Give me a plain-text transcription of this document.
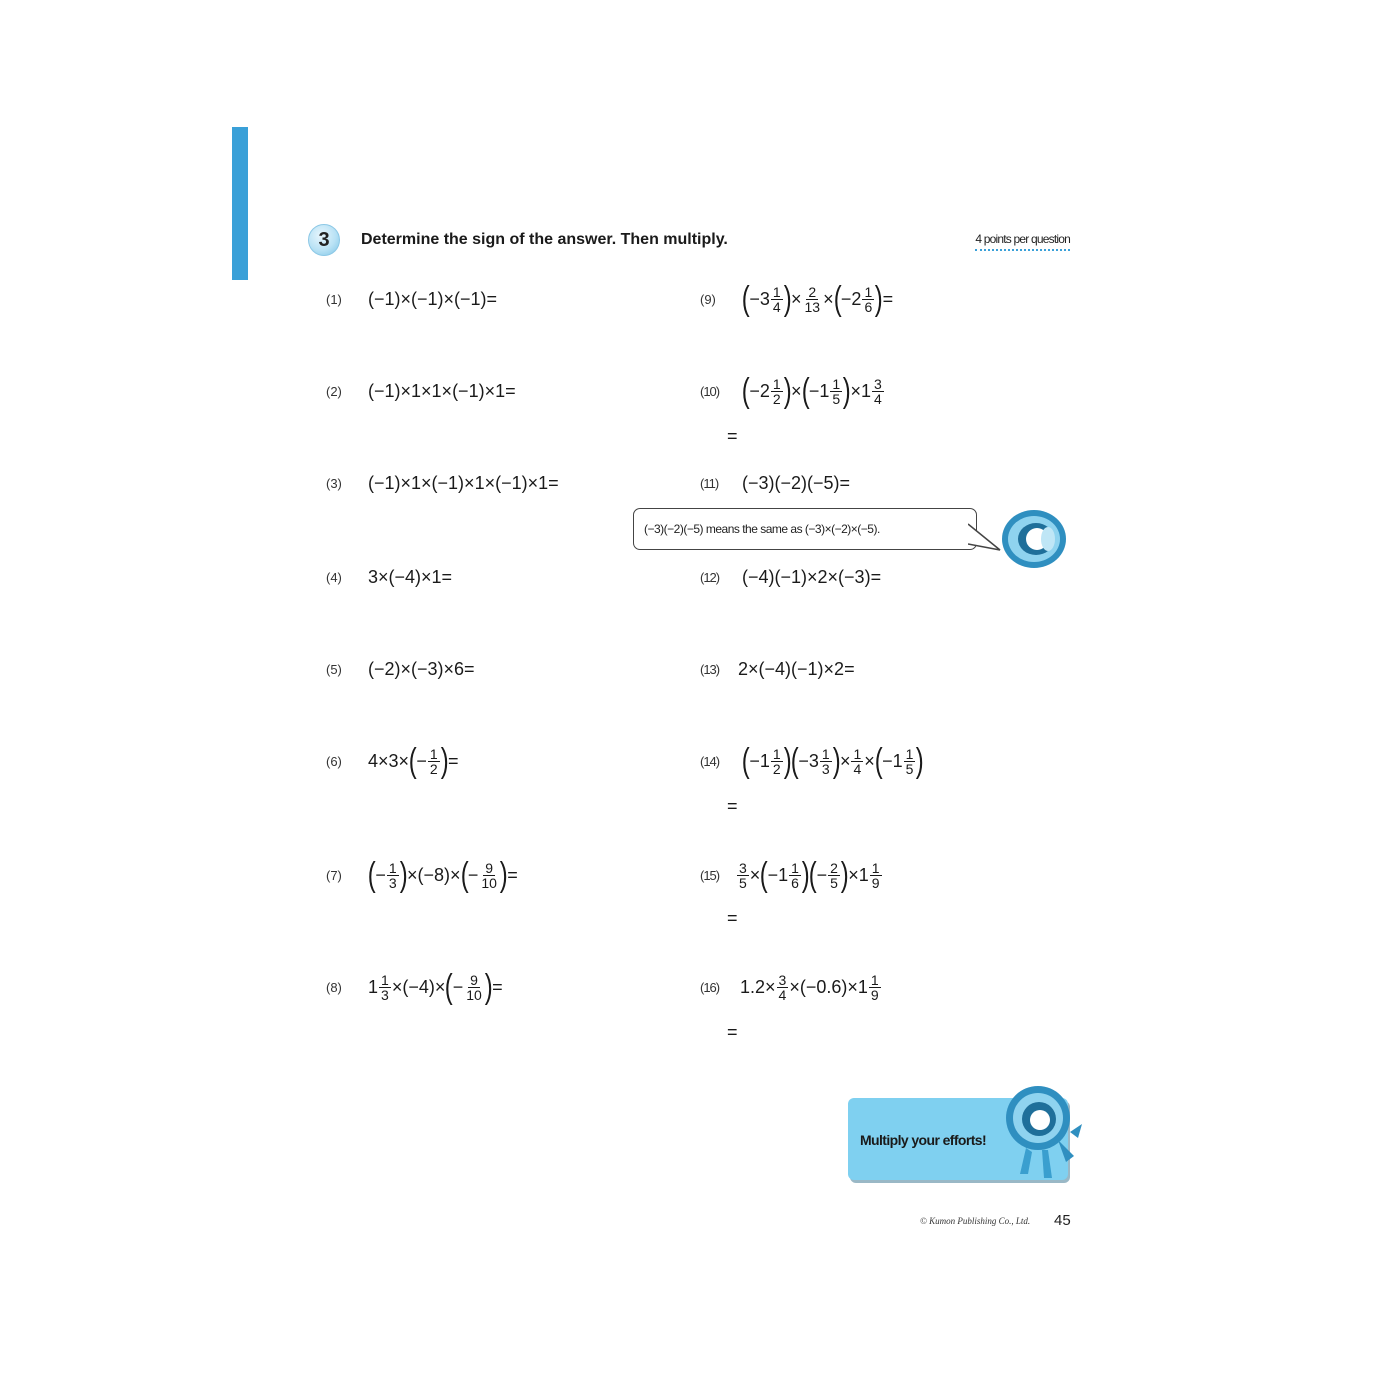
3	Determine the sign of the answer. Then multiply.	4 points per question
(1)	(−1)×(−1)×(−1)=
(2)	(−1)×1×1×(−1)×1=
(3)	(−1)×1×(−1)×1×(−1)×1=
(4)	3×(−4)×1=
(5)	(−2)×(−3)×6=
(6)	4×3× ( − $\frac{1}{2}$ ) =
(7) ( − $\frac{1}{3}$ ) ×(−8)× ( − $\frac{9}{10}$ ) =
(8)	$1 \frac{1}{3} \times(-4)\times$ ( − $\frac{9}{10}$ ) =
(9) ( $-3 \frac{1}{4}$ ) × $\frac{2}{13}$ × ( $-2 \frac{1}{6}$ ) =
(10) ( $-2 \frac{1}{2}$ ) × ( $-1 \frac{1}{5}$ ) $\times 1 \frac{3}{4}$
=
(11)	(−3)(−2)(−5)=
(−3)(−2)(−5) means the same as (−3)×(−2)×(−5).
(12)	(−4)(−1)×2×(−3)=
(13)	2×(−4)(−1)×2=
(14) ( $-1 \frac{1}{2}$ ) ( $-3 \frac{1}{3}$ ) × $\frac{1}{4}$ × ( $-1 \frac{1}{5}$ )
=
(15)	$\frac{3}{5}$ × ( $-1 \frac{1}{6}$ ) ( − $\frac{2}{5}$ ) $\times 1 \frac{1}{9}$
=
(16)	$1.2\times \frac{3}{4} \times(-0.6)\times 1 \frac{1}{9}$
=
Multiply your efforts!
© Kumon Publishing Co., Ltd. 45
